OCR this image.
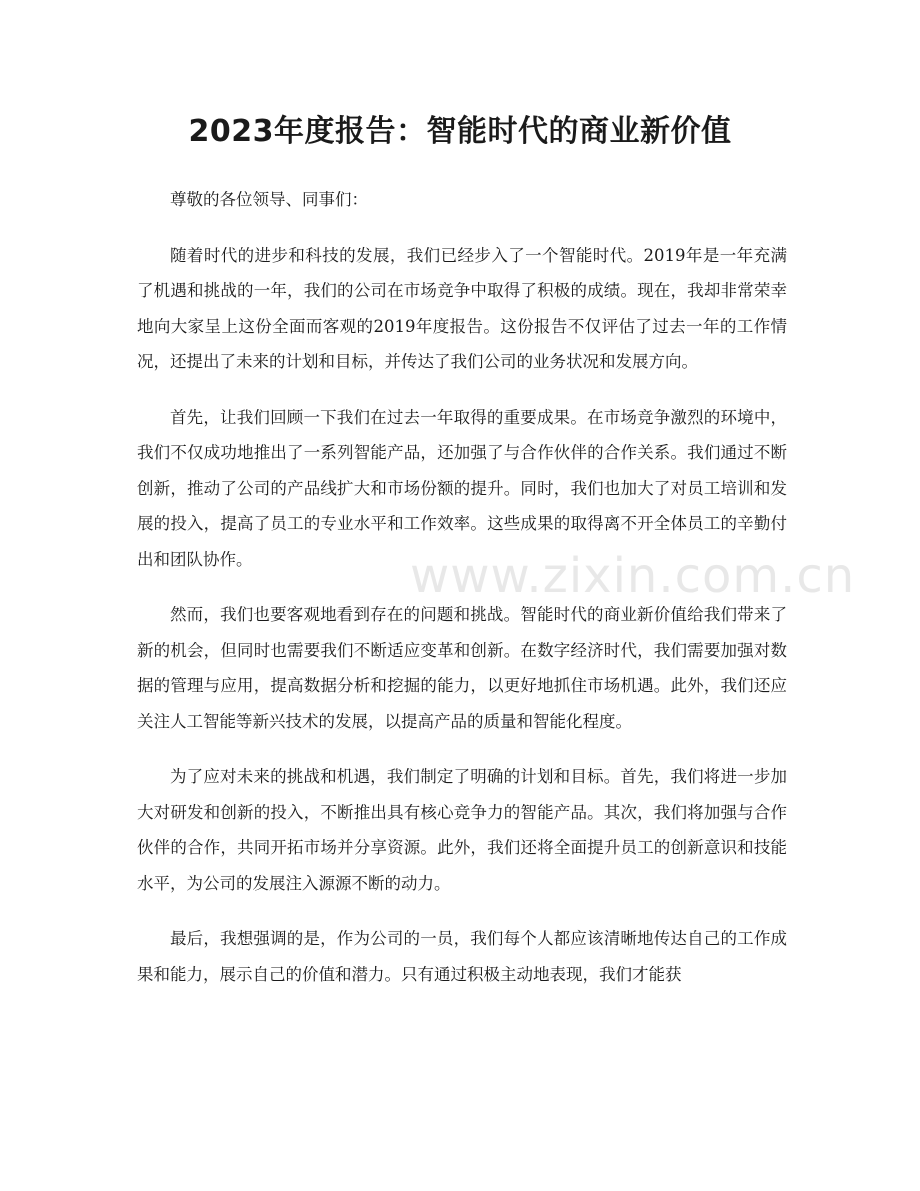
2023年度报告：智能时代的商业新价值

尊敬的各位领导、同事们：

随着时代的进步和科技的发展，我们已经步入了一个智能时代。2019年是一年充满了机遇和挑战的一年，我们的公司在市场竞争中取得了积极的成绩。现在，我却非常荣幸地向大家呈上这份全面而客观的2019年度报告。这份报告不仅评估了过去一年的工作情况，还提出了未来的计划和目标，并传达了我们公司的业务状况和发展方向。

首先，让我们回顾一下我们在过去一年取得的重要成果。在市场竞争激烈的环境中，我们不仅成功地推出了一系列智能产品，还加强了与合作伙伴的合作关系。我们通过不断创新，推动了公司的产品线扩大和市场份额的提升。同时，我们也加大了对员工培训和发展的投入，提高了员工的专业水平和工作效率。这些成果的取得离不开全体员工的辛勤付出和团队协作。

然而，我们也要客观地看到存在的问题和挑战。智能时代的商业新价值给我们带来了新的机会，但同时也需要我们不断适应变革和创新。在数字经济时代，我们需要加强对数据的管理与应用，提高数据分析和挖掘的能力，以更好地抓住市场机遇。此外，我们还应关注人工智能等新兴技术的发展，以提高产品的质量和智能化程度。

为了应对未来的挑战和机遇，我们制定了明确的计划和目标。首先，我们将进一步加大对研发和创新的投入，不断推出具有核心竞争力的智能产品。其次，我们将加强与合作伙伴的合作，共同开拓市场并分享资源。此外，我们还将全面提升员工的创新意识和技能水平，为公司的发展注入源源不断的动力。

最后，我想强调的是，作为公司的一员，我们每个人都应该清晰地传达自己的工作成果和能力，展示自己的价值和潜力。只有通过积极主动地表现，我们才能获

www.zixin.com.cn
